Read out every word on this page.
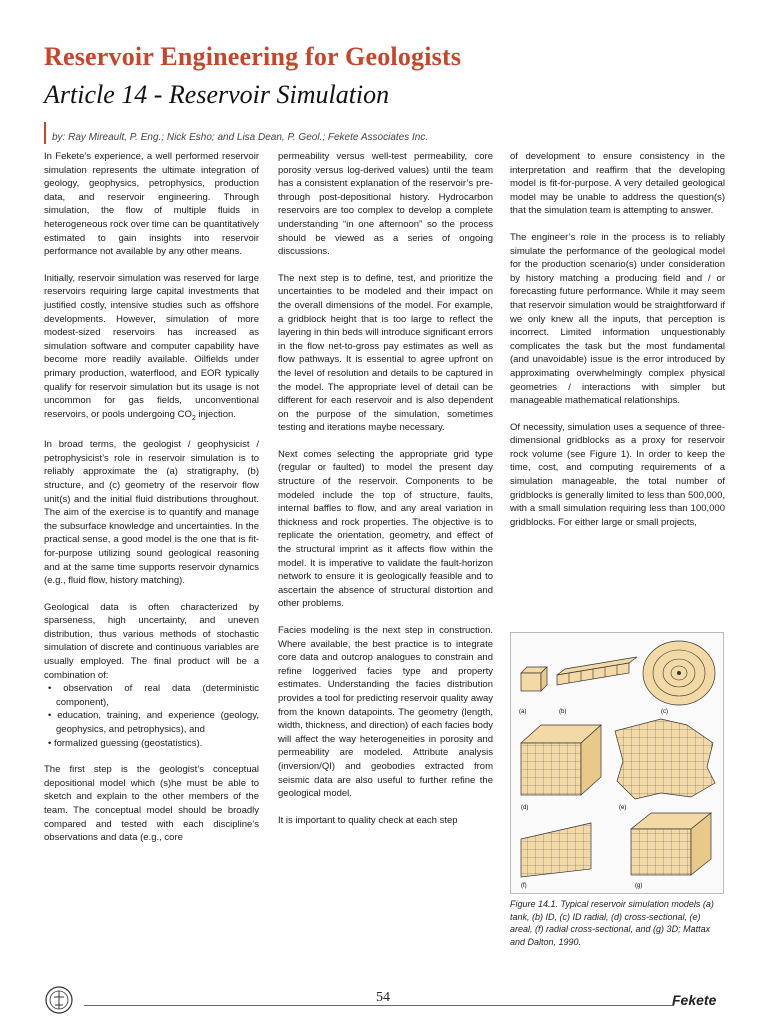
Reservoir Engineering for Geologists
Article 14 - Reservoir Simulation
by: Ray Mireault, P. Eng.; Nick Esho; and Lisa Dean, P. Geol.; Fekete Associates Inc.

In Fekete’s experience, a well performed reservoir simulation represents the ultimate integration of geology, geophysics, petrophysics, production data, and reservoir engineering. Through simulation, the flow of multiple fluids in heterogeneous rock over time can be quantitatively estimated to gain insights into reservoir performance not available by any other means.

Initially, reservoir simulation was reserved for large reservoirs requiring large capital investments that justified costly, intensive studies such as offshore developments. However, simulation of more modest-sized reservoirs has increased as simulation software and computer capability have become more readily available. Oilfields under primary production, waterflood, and EOR typically qualify for reservoir simulation but its usage is not uncommon for gas fields, unconventional reservoirs, or pools undergoing $CO_2$ injection.

In broad terms, the geologist / geophysicist / petrophysicist’s role in reservoir simulation is to reliably approximate the (a) stratigraphy, (b) structure, and (c) geometry of the reservoir flow unit(s) and the initial fluid distributions throughout. The aim of the exercise is to quantify and manage the subsurface knowledge and uncertainties. In the practical sense, a good model is the one that is fit-for-purpose utilizing sound geological reasoning and at the same time supports reservoir dynamics (e.g., fluid flow, history matching).

Geological data is often characterized by sparseness, high uncertainty, and uneven distribution, thus various methods of stochastic simulation of discrete and continuous variables are usually employed. The final product will be a combination of:

• observation of real data (deterministic component),
• education, training, and experience (geology, geophysics, and petrophysics), and
• formalized guessing (geostatistics).

The first step is the geologist’s conceptual depositional model which (s)he must be able to sketch and explain to the other members of the team. The conceptual model should be broadly compared and tested with each discipline’s observations and data (e.g., core

permeability versus well-test permeability, core porosity versus log-derived values) until the team has a consistent explanation of the reservoir’s pre- through post-depositional history. Hydrocarbon reservoirs are too complex to develop a complete understanding “in one afternoon” so the process should be viewed as a series of ongoing discussions.

The next step is to define, test, and prioritize the uncertainties to be modeled and their impact on the overall dimensions of the model. For example, a gridblock height that is too large to reflect the layering in thin beds will introduce significant errors in the flow net-to-gross pay estimates as well as flow pathways. It is essential to agree upfront on the level of resolution and details to be captured in the model. The appropriate level of detail can be different for each reservoir and is also dependent on the purpose of the simulation, sometimes testing and iterations maybe necessary.

Next comes selecting the appropriate grid type (regular or faulted) to model the present day structure of the reservoir. Components to be modeled include the top of structure, faults, internal baffles to flow, and any areal variation in thickness and rock properties. The objective is to replicate the orientation, geometry, and effect of the structural imprint as it affects flow within the model. It is imperative to validate the fault-horizon network to ensure it is geologically feasible and to ascertain the absence of structural distortion and other problems.

Facies modeling is the next step in construction. Where available, the best practice is to integrate core data and outcrop analogues to constrain and refine loggerived facies type and property estimates. Understanding the facies distribution provides a tool for predicting reservoir quality away from the known datapoints. The geometry (length, width, thickness, and direction) of each facies body will affect the way heterogeneities in porosity and permeability are modeled. Attribute analysis (inversion/QI) and geobodies extracted from seismic data are also useful to further refine the geological model.

It is important to quality check at each step

of development to ensure consistency in the interpretation and reaffirm that the developing model is fit-for-purpose. A very detailed geological model may be unable to address the question(s) that the simulation team is attempting to answer.

The engineer’s role in the process is to reliably simulate the performance of the geological model for the production scenario(s) under consideration by history matching a producing field and / or forecasting future performance. While it may seem that reservoir simulation would be straightforward if we only knew all the inputs, that perception is incorrect. Limited information unquestionably complicates the task but the most fundamental (and unavoidable) issue is the error introduced by approximating overwhelmingly complex physical geometries / interactions with simpler but manageable mathematical relationships.

Of necessity, simulation uses a sequence of three-dimensional gridblocks as a proxy for reservoir rock volume (see Figure 1). In order to keep the time, cost, and computing requirements of a simulation manageable, the total number of gridblocks is generally limited to less than 500,000, with a small simulation requiring less than 100,000 gridblocks. For either large or small projects,

(a)	(b)	(c)
(d)	(e)
(f)	(g)
Figure 14.1. Typical reservoir simulation models (a) tank, (b) ID, (c) ID radial, (d) cross-sectional, (e) areal, (f) radial cross-sectional, and (g) 3D; Mattax and Dalton, 1990.
54	Fekete
